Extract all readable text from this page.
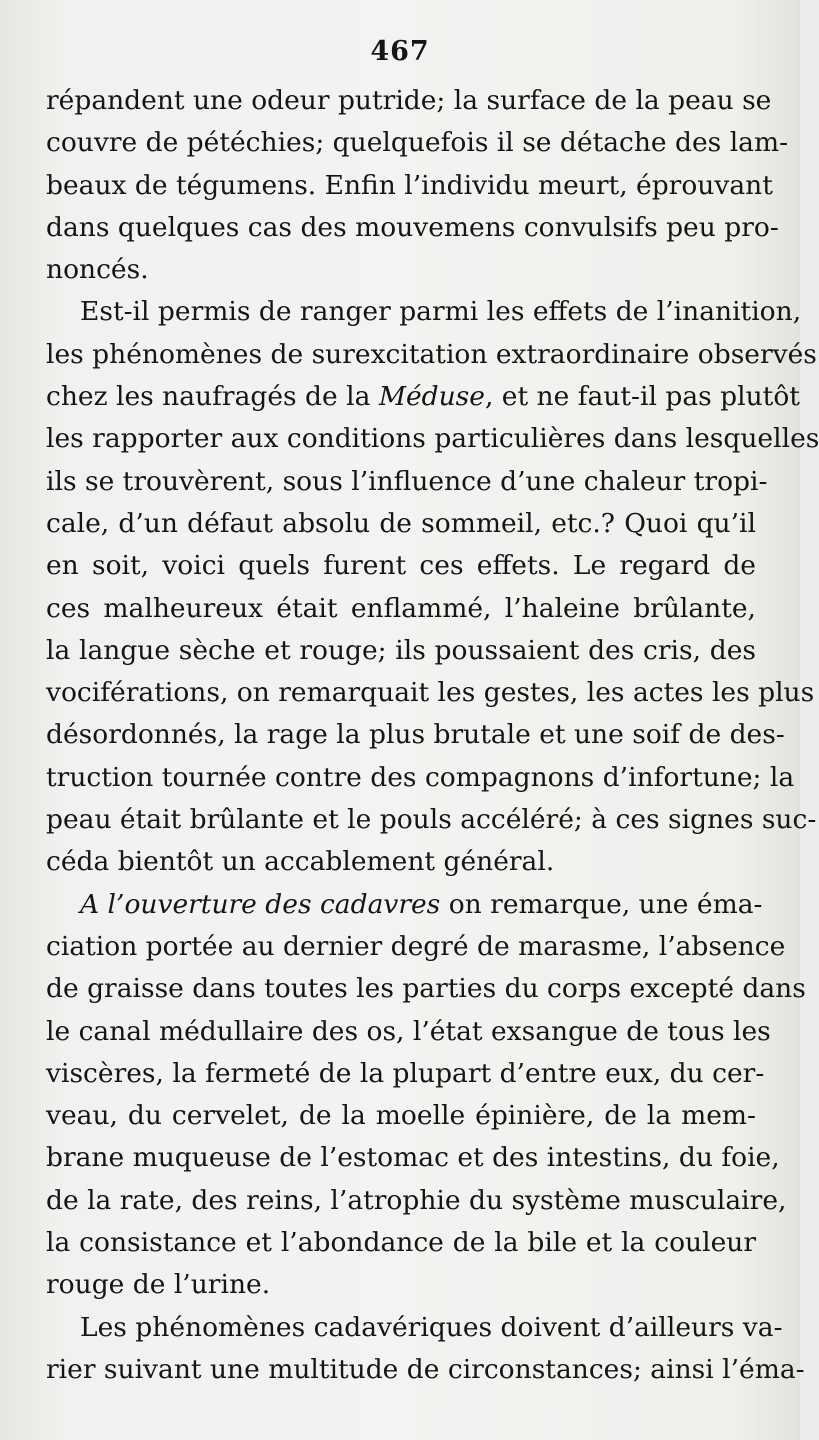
467
répandent une odeur putride; la surface de la peau se
couvre de pétéchies; quelquefois il se détache des lam-
beaux de tégumens. Enfin l’individu meurt, éprouvant
dans quelques cas des mouvemens convulsifs peu pro-
noncés.
Est-il permis de ranger parmi les effets de l’inanition,
les phénomènes de surexcitation extraordinaire observés
chez les naufragés de la Méduse, et ne faut-il pas plutôt
les rapporter aux conditions particulières dans lesquelles
ils se trouvèrent, sous l’influence d’une chaleur tropi-
cale, d’un défaut absolu de sommeil, etc.? Quoi qu’il
en soit, voici quels furent ces effets. Le regard de
ces malheureux était enflammé, l’haleine brûlante,
la langue sèche et rouge; ils poussaient des cris, des
vociférations, on remarquait les gestes, les actes les plus
désordonnés, la rage la plus brutale et une soif de des-
truction tournée contre des compagnons d’infortune; la
peau était brûlante et le pouls accéléré; à ces signes suc-
céda bientôt un accablement général.
A l’ouverture des cadavres on remarque, une éma-
ciation portée au dernier degré de marasme, l’absence
de graisse dans toutes les parties du corps excepté dans
le canal médullaire des os, l’état exsangue de tous les
viscères, la fermeté de la plupart d’entre eux, du cer-
veau, du cervelet, de la moelle épinière, de la mem-
brane muqueuse de l’estomac et des intestins, du foie,
de la rate, des reins, l’atrophie du système musculaire,
la consistance et l’abondance de la bile et la couleur
rouge de l’urine.
Les phénomènes cadavériques doivent d’ailleurs va-
rier suivant une multitude de circonstances; ainsi l’éma-
